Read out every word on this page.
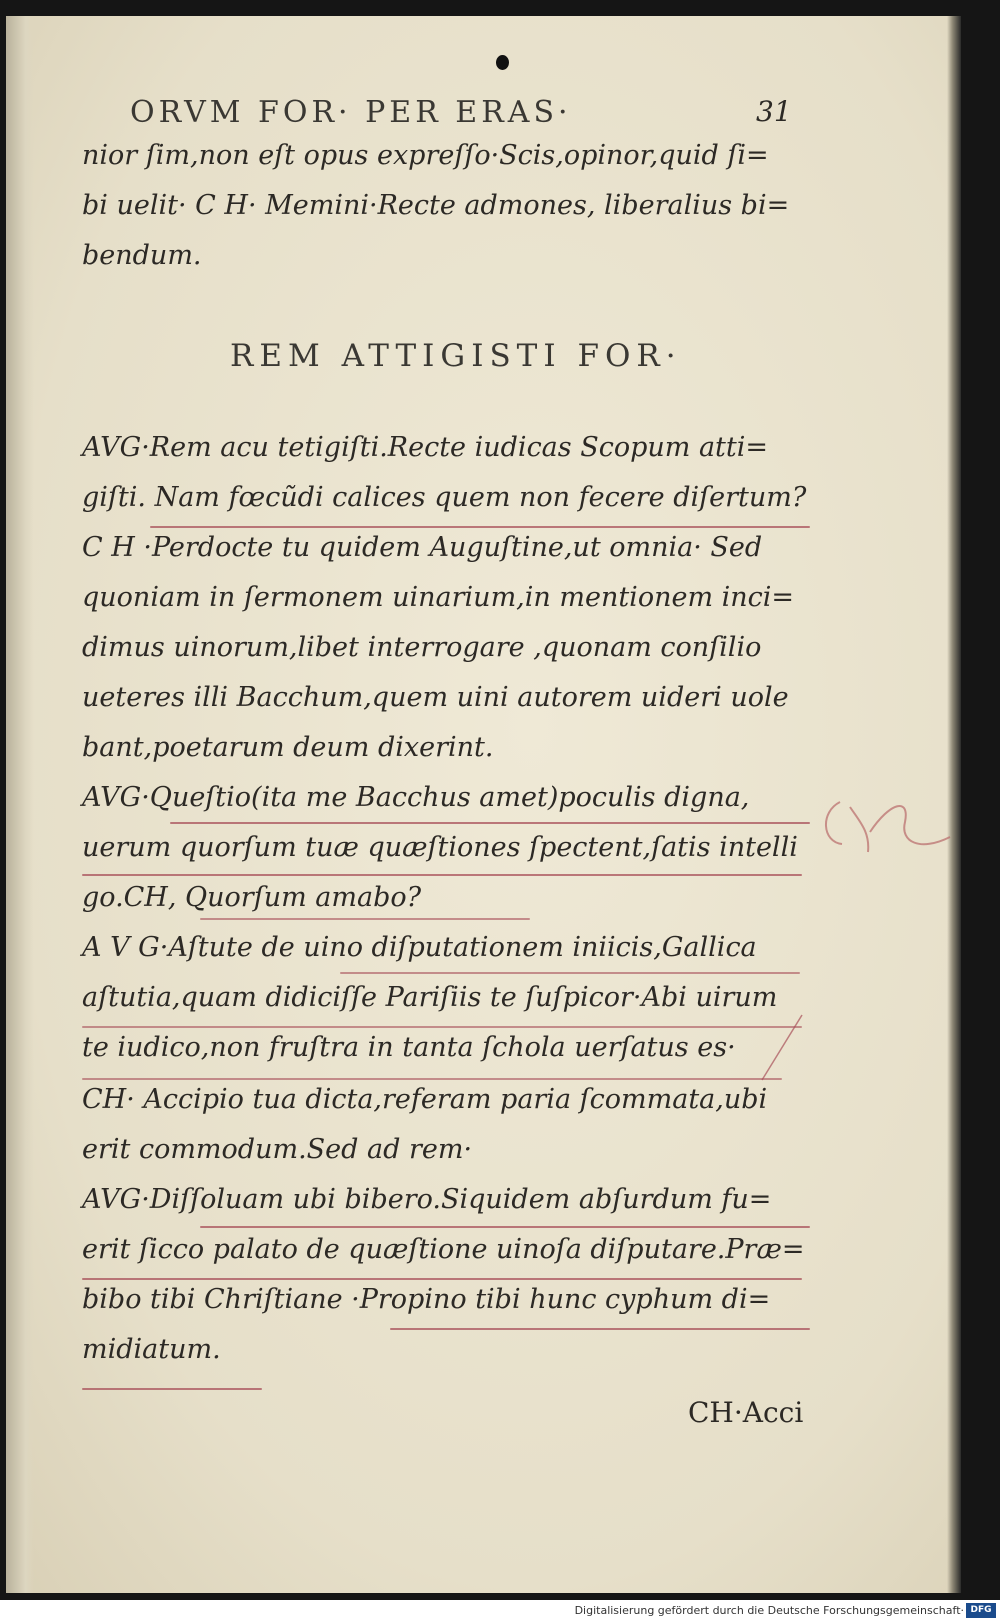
ORVM FOR· PER ERAS·	31
nior ſim,non eſt opus expreſſo·Scis,opinor,quid ſi=
bi uelit· C H· Memini·Recte admones, liberalius bi=
bendum.
REM ATTIGISTI FOR·
AVG·Rem acu tetigiſti.Recte iudicas Scopum atti=
giſti. Nam fœcũdi calices quem non fecere diſertum?
C H ·Perdocte tu quidem Auguſtine,ut omnia· Sed
quoniam in ſermonem uinarium,in mentionem inci=
dimus uinorum,libet interrogare ,quonam conſilio
ueteres illi Bacchum,quem uini autorem uideri uole
bant,poetarum deum dixerint.
AVG·Queſtio(ita me Bacchus amet)poculis digna,
uerum quorſum tuæ quæſtiones ſpectent,ſatis intelli
go.CH, Quorſum amabo?
A V G·Aſtute de uino diſputationem iniicis,Gallica
aſtutia,quam didiciſſe Pariſiis te ſuſpicor·Abi uirum
te iudico,non fruſtra in tanta ſchola uerſatus es·
CH· Accipio tua dicta,referam paria ſcommata,ubi
erit commodum.Sed ad rem·
AVG·Diſſoluam ubi bibero.Siquidem abſurdum fu=
erit ſicco palato de quæſtione uinoſa diſputare.Præ=
bibo tibi Chriſtiane ·Propino tibi hunc cyphum di=
midiatum.
CH·Acci
Digitalisierung gefördert durch die Deutsche Forschungsgemeinschaft· DFG
